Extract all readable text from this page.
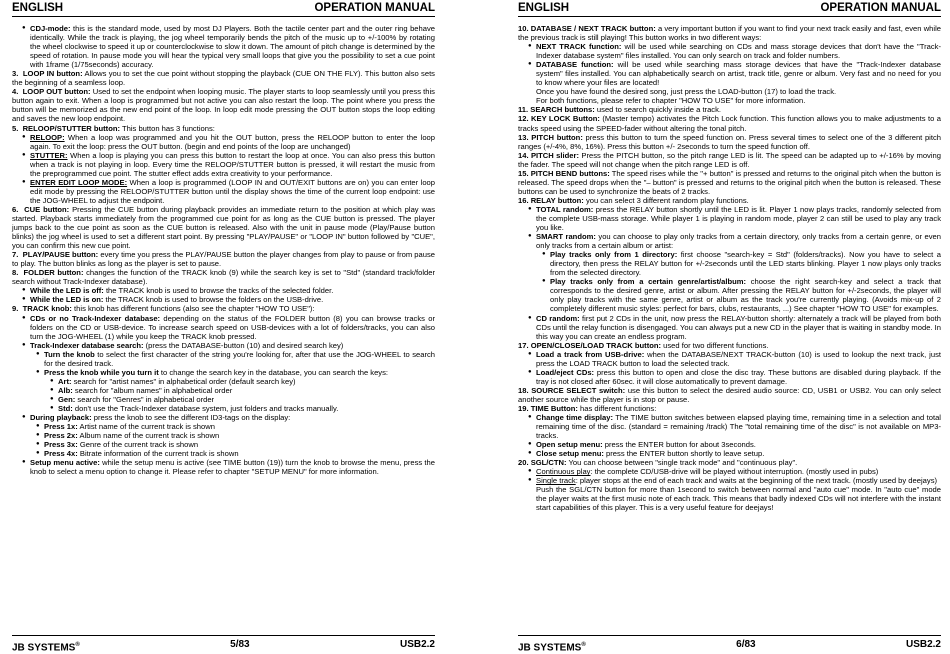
ENGLISH	OPERATION MANUAL
● CDJ-mode: this is the standard mode, used by most DJ Players. Both the tactile center part and the outer ring behave identically. While the track is playing, the jog wheel temporarily bends the pitch of the music up to +/-100% by rotating the wheel clockwise to speed it up or counterclockwise to slow it down. The amount of pitch change is determined by the speed of rotation. In pause mode you will hear the typical very small loops that give you the possibility to set a cue point with 1frame (1/75seconds) accuracy.
3. LOOP IN button: Allows you to set the cue point without stopping the playback (CUE ON THE FLY). This button also sets the beginning of a seamless loop.
4. LOOP OUT button: Used to set the endpoint when looping music. The player starts to loop seamlessly until you press this button again to exit. When a loop is programmed but not active you can also restart the loop. The point where you press the button will be memorized as the new end point of the loop. In loop edit mode pressing the OUT button stops the loop editing and saves the new loop endpoint.
5. RELOOP/STUTTER button: This button has 3 functions:
● RELOOP: When a loop was programmed and you hit the OUT button, press the RELOOP button to enter the loop again. To exit the loop: press the OUT button. (begin and end points of the loop are unchanged)
● STUTTER: When a loop is playing you can press this button to restart the loop at once. You can also press this button when a track is not playing in loop. Every time the RELOOP/STUTTER button is pressed, it will restart the music from the preprogrammed cue point. The stutter effect adds extra creativity to your performance.
● ENTER EDIT LOOP MODE: When a loop is programmed (LOOP IN and OUT/EXIT buttons are on) you can enter loop edit mode by pressing the RELOOP/STUTTER button until the display shows the time of the current loop endpoint: use the JOG-WHEEL to adjust the endpoint.
6. CUE button: Pressing the CUE button during playback provides an immediate return to the position at which play was started. Playback starts immediately from the programmed cue point for as long as the CUE button is pressed. The player jumps back to the cue point as soon as the CUE button is released. Also with the unit in pause mode (Play/Pause button blinks) the jog wheel is used to set a different start point. By pressing "PLAY/PAUSE" or "LOOP IN" button followed by "CUE", you can confirm this new cue point.
7. PLAY/PAUSE button: every time you press the PLAY/PAUSE button the player changes from play to pause or from pause to play. The button blinks as long as the player is set to pause.
8. FOLDER button: changes the function of the TRACK knob (9) while the search key is set to "Std" (standard track/folder search without Track-Indexer database).
● While the LED is off: the TRACK knob is used to browse the tracks of the selected folder.
● While the LED is on: the TRACK knob is used to browse the folders on the USB-drive.
9. TRACK knob: this knob has different functions (also see the chapter "HOW TO USE"):
● CDs or no Track-Indexer database: depending on the status of the FOLDER button (8) you can browse tracks or folders on the CD or USB-device. To increase search speed on USB-devices with a lot of folders/tracks, you can also turn the JOG-WHEEL (1) while you keep the TRACK knob pressed.
● Track-Indexer database search: (press the DATABASE-button (10) and desired search key)
● Turn the knob to select the first character of the string you're looking for, after that use the JOG-WHEEL to search for the desired track.
● Press the knob while you turn it to change the search key in the database, you can search the keys:
● Art: search for "artist names" in alphabetical order (default search key)
● Alb: search for "album names" in alphabetical order
● Gen: search for "Genres" in alphabetical order
● Std: don't use the Track-Indexer database system, just folders and tracks manually.
● During playback: press the knob to see the different ID3-tags on the display:
● Press 1x: Artist name of the current track is shown
● Press 2x: Album name of the current track is shown
● Press 3x: Genre of the current track is shown
● Press 4x: Bitrate information of the current track is shown
● Setup menu active: while the setup menu is active (see TIME button (19)) turn the knob to browse the menu, press the knob to select a menu option to change it. Please refer to chapter "SETUP MENU" for more information.
JB SYSTEMS®	5/83	USB2.2
ENGLISH	OPERATION MANUAL
10. DATABASE / NEXT TRACK button: a very important button if you want to find your next track easily and fast, even while the previous track is still playing! This button works in two different ways:
● NEXT TRACK function: will be used while searching on CDs and mass storage devices that don't have the "Track-Indexer database system" files installed. You can only search on track and folder numbers.
● DATABASE function: will be used while searching mass storage devices that have the "Track-Indexer database system" files installed. You can alphabetically search on artist, track title, genre or album. Very fast and no need for you to know where your files are located!
Once you have found the desired song, just press the LOAD-button (17) to load the track.
For both functions, please refer to chapter "HOW TO USE" for more information.
11. SEARCH buttons: used to search quickly inside a track.
12. KEY LOCK Button: (Master tempo) activates the Pitch Lock function. This function allows you to make adjustments to a tracks speed using the SPEED-fader without altering the tonal pitch.
13. PITCH button: press this button to turn the speed function on. Press several times to select one of the 3 different pitch ranges (+/-4%, 8%, 16%). Press this button +/- 2seconds to turn the speed function off.
14. PITCH slider: Press the PITCH button, so the pitch range LED is lit. The speed can be adapted up to +/-16% by moving the fader. The speed will not change when the pitch range LED is off.
15. PITCH BEND buttons: The speed rises while the "+ button" is pressed and returns to the original pitch when the button is released. The speed drops when the "– button" is pressed and returns to the original pitch when the button is released. These buttons can be used to synchronize the beats of 2 tracks.
16. RELAY button: you can select 3 different random play functions.
● TOTAL random: press the RELAY button shortly until the LED is lit. Player 1 now plays tracks, randomly selected from the complete USB-mass storage. While player 1 is playing in random mode, player 2 can still be used to play any track you like.
● SMART random: you can choose to play only tracks from a certain directory, only tracks from a certain genre, or even only tracks from a certain album or artist:
● Play tracks only from 1 directory: first choose "search-key = Std" (folders/tracks). Now you have to select a directory, then press the RELAY button for +/-2seconds until the LED starts blinking. Player 1 now plays only tracks from the selected directory.
● Play tracks only from a certain genre/artist/album: choose the right search-key and select a track that corresponds to the desired genre, artist or album. After pressing the RELAY button for +/-2seconds, the player will only play tracks with the same genre, artist or album as the track you're currently playing. (Avoids mix-up of 2 completely different music styles: perfect for bars, clubs, restaurants, ...) See chapter "HOW TO USE" for examples.
● CD random: first put 2 CDs in the unit, now press the RELAY-button shortly: alternately a track will be played from both CDs until the relay function is disengaged. You can always put a new CD in the player that is waiting in standby mode. In this way you can create an endless program.
17. OPEN/CLOSE/LOAD TRACK button: used for two different functions.
● Load a track from USB-drive: when the DATABASE/NEXT TRACK-button (10) is used to lookup the next track, just press the LOAD TRACK button to load the selected track.
● Load/eject CDs: press this button to open and close the disc tray. These buttons are disabled during playback. If the tray is not closed after 60sec. it will close automatically to prevent damage.
18. SOURCE SELECT switch: use this button to select the desired audio source: CD, USB1 or USB2. You can only select another source while the player is in stop or pause.
19. TIME Button: has different functions:
● Change time display: The TIME button switches between elapsed playing time, remaining time in a selection and total remaining time of the disc. (standard = remaining /track) The "total remaining time of the disc" is not available on MP3-tracks.
● Open setup menu: press the ENTER button for about 3seconds.
● Close setup menu: press the ENTER button shortly to leave setup.
20. SGL/CTN: You can choose between "single track mode" and "continuous play".
● Continuous play: the complete CD/USB-drive will be played without interruption. (mostly used in pubs)
● Single track: player stops at the end of each track and waits at the beginning of the next track. (mostly used by deejays)
Push the SGL/CTN button for more than 1second to switch between normal and "auto cue" mode. In "auto cue" mode the player waits at the first music note of each track. This means that badly indexed CDs will not interfere with the instant start capabilities of this player. This is a very useful feature for deejays!
JB SYSTEMS®	6/83	USB2.2
